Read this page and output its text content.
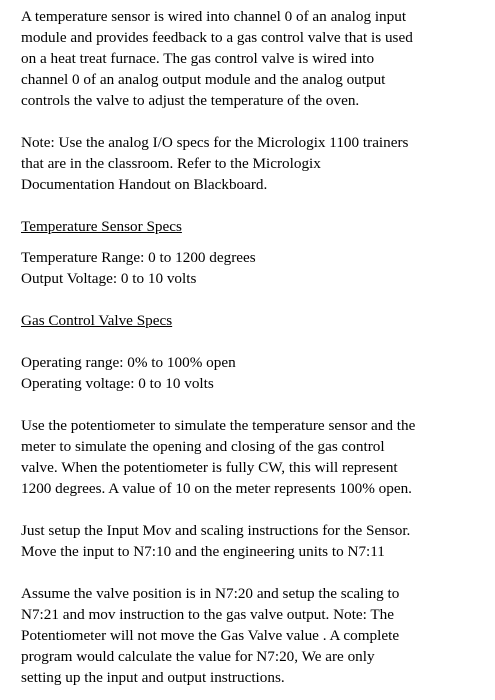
A temperature sensor is wired into channel 0 of an analog input
module and provides feedback to a gas control valve that is used
on a heat treat furnace. The gas control valve is wired into
channel 0 of an analog output module and the analog output
controls the valve to adjust the temperature of the oven.
Note: Use the analog I/O specs for the Micrologix 1100 trainers
that are in the classroom. Refer to the Micrologix
Documentation Handout on Blackboard.
Temperature Sensor Specs
Temperature Range: 0 to 1200 degrees
Output Voltage: 0 to 10 volts
Gas Control Valve Specs
Operating range: 0% to 100% open
Operating voltage: 0 to 10 volts
Use the potentiometer to simulate the temperature sensor and the
meter to simulate the opening and closing of the gas control
valve. When the potentiometer is fully CW, this will represent
1200 degrees. A value of 10 on the meter represents 100% open.
Just setup the Input Mov and scaling instructions for the Sensor.
Move the input to N7:10 and the engineering units to N7:11
Assume the valve position is in N7:20 and setup the scaling to
N7:21 and mov instruction to the gas valve output. Note: The
Potentiometer will not move the Gas Valve value . A complete
program would calculate the value for N7:20, We are only
setting up the input and output instructions.
